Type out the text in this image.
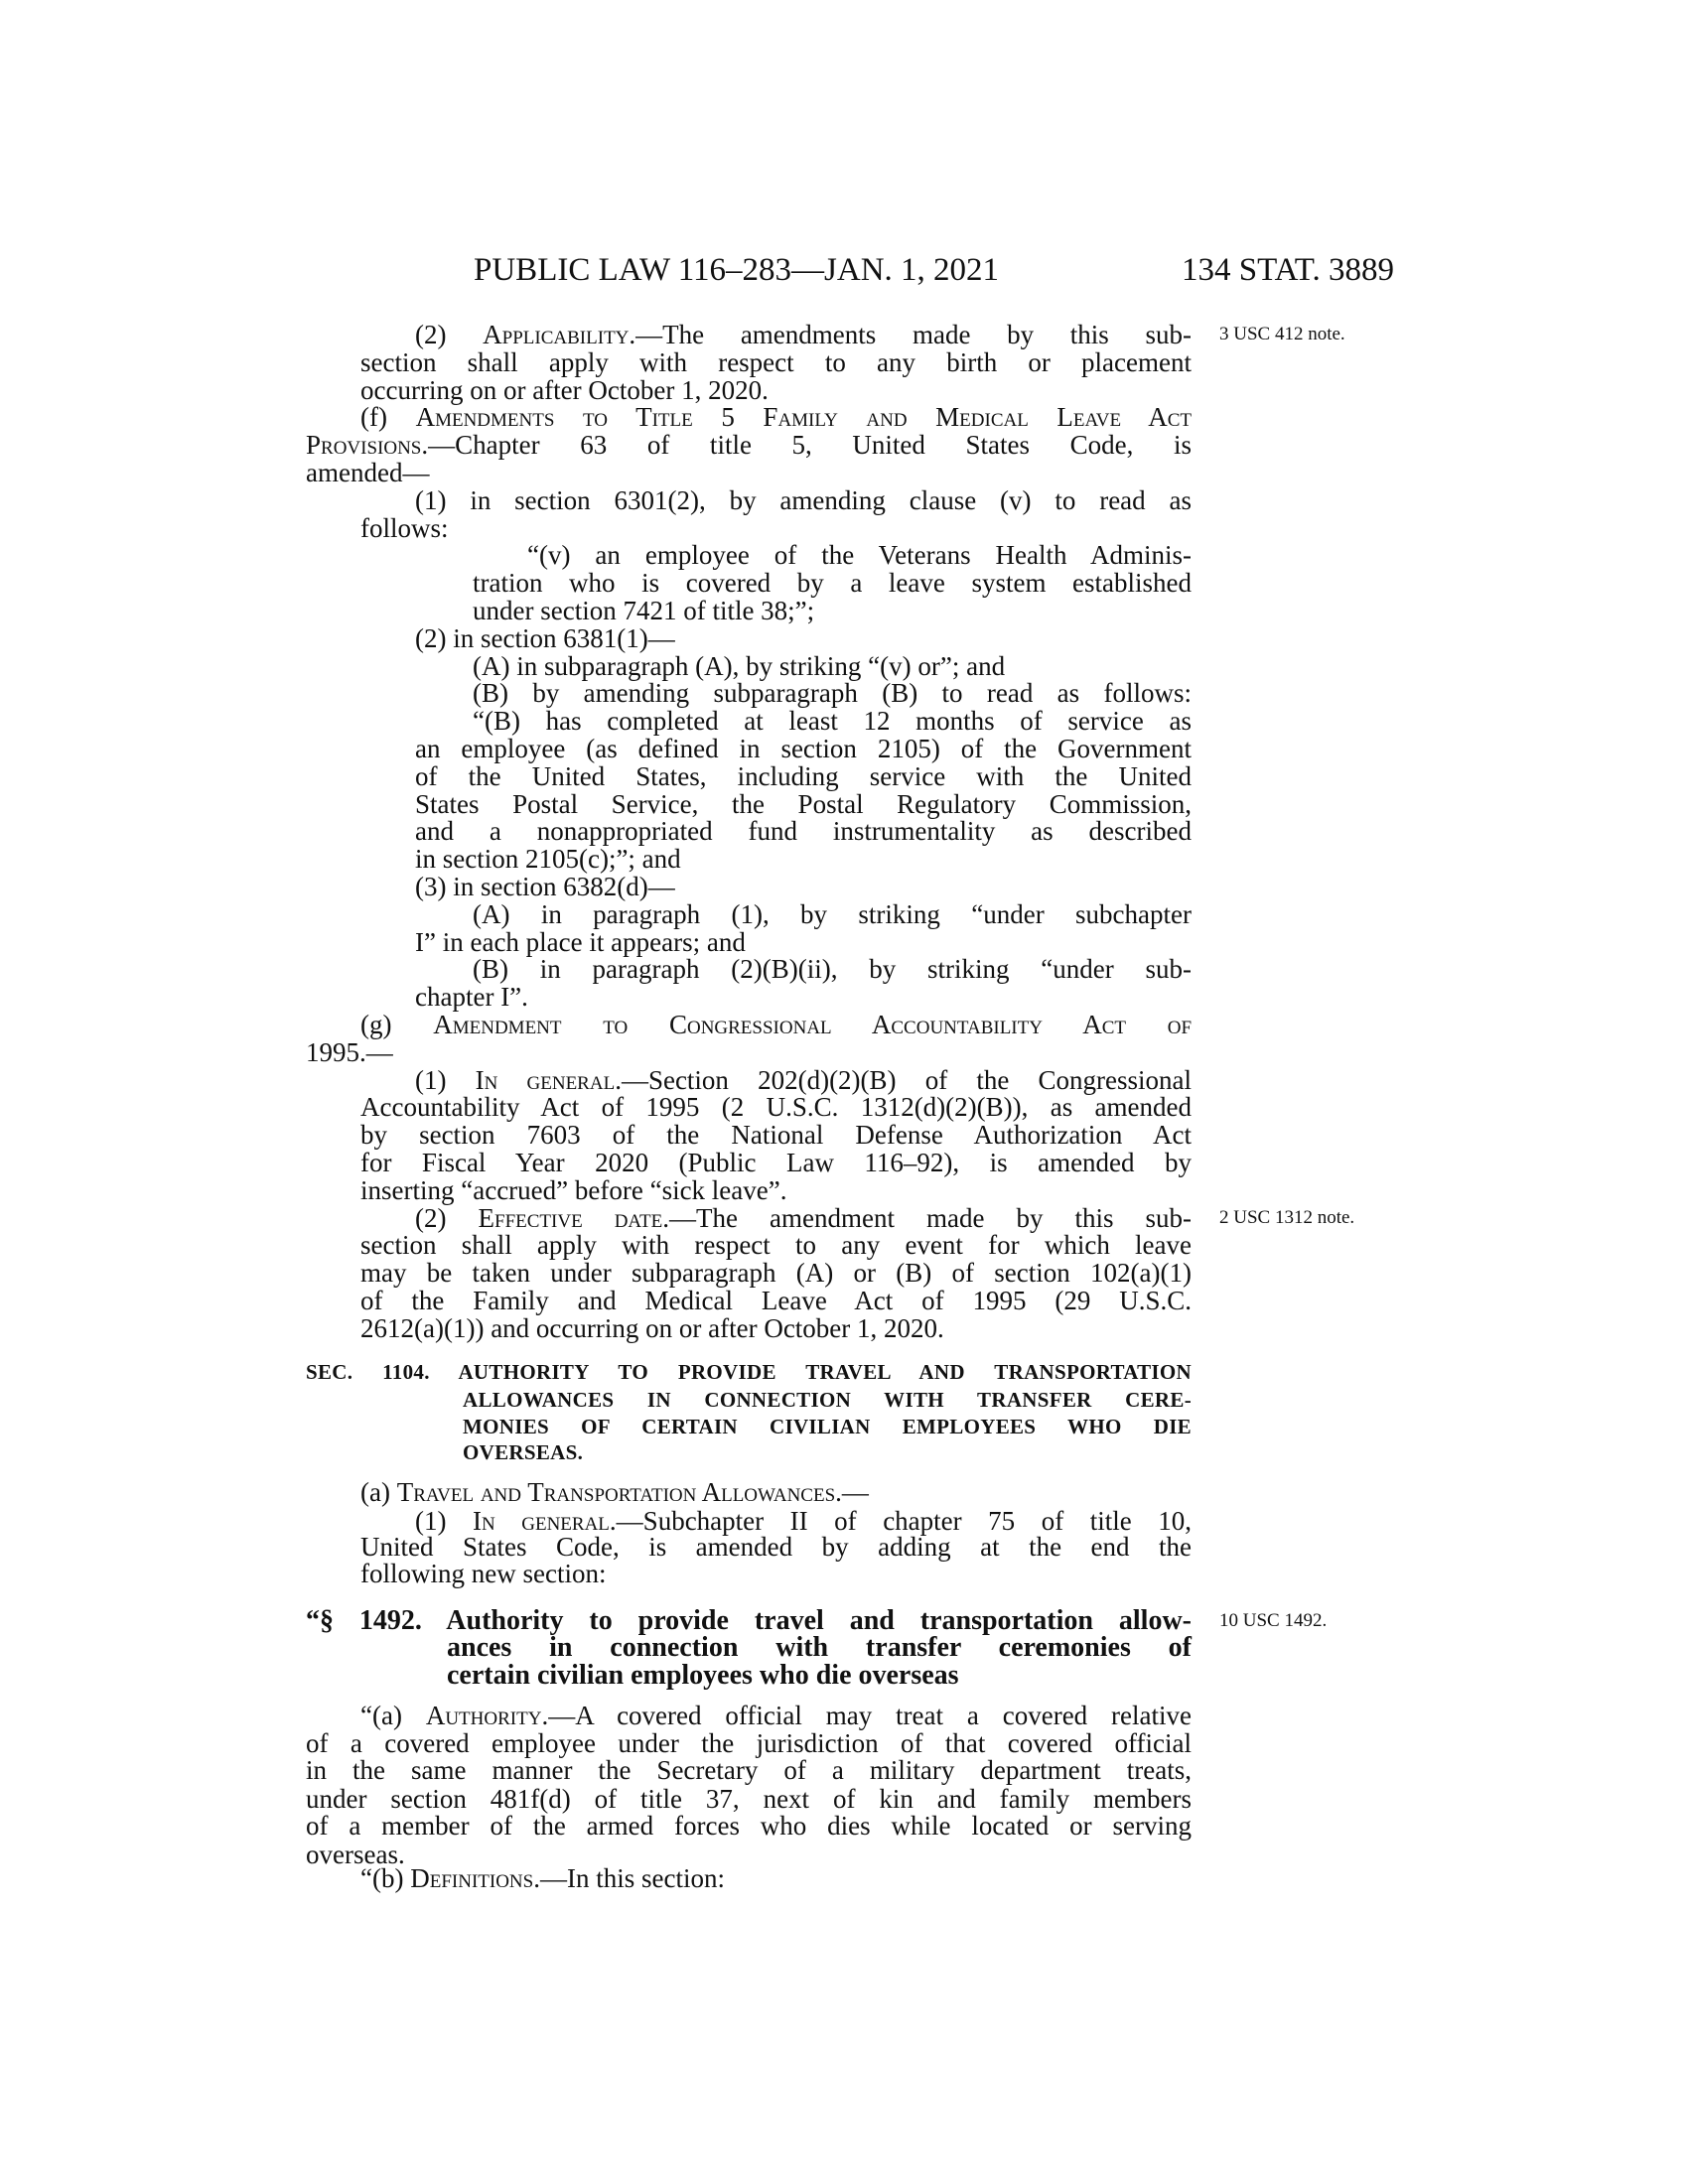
PUBLIC LAW 116–283—JAN. 1, 2021	134 STAT. 3889
3 USC 412 note.
2 USC 1312 note.
10 USC 1492.
(2) Applicability.—The amendments made by this sub-
section shall apply with respect to any birth or placement
occurring on or after October 1, 2020.
(f) Amendments to Title 5 Family and Medical Leave Act
Provisions.—Chapter 63 of title 5, United States Code, is
amended—
(1) in section 6301(2), by amending clause (v) to read as
follows:
“(v) an employee of the Veterans Health Adminis-
tration who is covered by a leave system established
under section 7421 of title 38;”;
(2) in section 6381(1)—
(A) in subparagraph (A), by striking “(v) or”; and
(B) by amending subparagraph (B) to read as follows:
“(B) has completed at least 12 months of service as
an employee (as defined in section 2105) of the Government
of the United States, including service with the United
States Postal Service, the Postal Regulatory Commission,
and a nonappropriated fund instrumentality as described
in section 2105(c);”; and
(3) in section 6382(d)—
(A) in paragraph (1), by striking “under subchapter
I” in each place it appears; and
(B) in paragraph (2)(B)(ii), by striking “under sub-
chapter I”.
(g) Amendment to Congressional Accountability Act of
1995.—
(1) In general.—Section 202(d)(2)(B) of the Congressional
Accountability Act of 1995 (2 U.S.C. 1312(d)(2)(B)), as amended
by section 7603 of the National Defense Authorization Act
for Fiscal Year 2020 (Public Law 116–92), is amended by
inserting “accrued” before “sick leave”.
(2) Effective date.—The amendment made by this sub-
section shall apply with respect to any event for which leave
may be taken under subparagraph (A) or (B) of section 102(a)(1)
of the Family and Medical Leave Act of 1995 (29 U.S.C.
2612(a)(1)) and occurring on or after October 1, 2020.
SEC. 1104. AUTHORITY TO PROVIDE TRAVEL AND TRANSPORTATION
ALLOWANCES IN CONNECTION WITH TRANSFER CERE-
MONIES OF CERTAIN CIVILIAN EMPLOYEES WHO DIE
OVERSEAS.
(a) Travel and Transportation Allowances.—
(1) In general.—Subchapter II of chapter 75 of title 10,
United States Code, is amended by adding at the end the
following new section:
“§ 1492. Authority to provide travel and transportation allow-
ances in connection with transfer ceremonies of
certain civilian employees who die overseas
“(a) Authority.—A covered official may treat a covered relative
of a covered employee under the jurisdiction of that covered official
in the same manner the Secretary of a military department treats,
under section 481f(d) of title 37, next of kin and family members
of a member of the armed forces who dies while located or serving
overseas.
“(b) Definitions.—In this section:
